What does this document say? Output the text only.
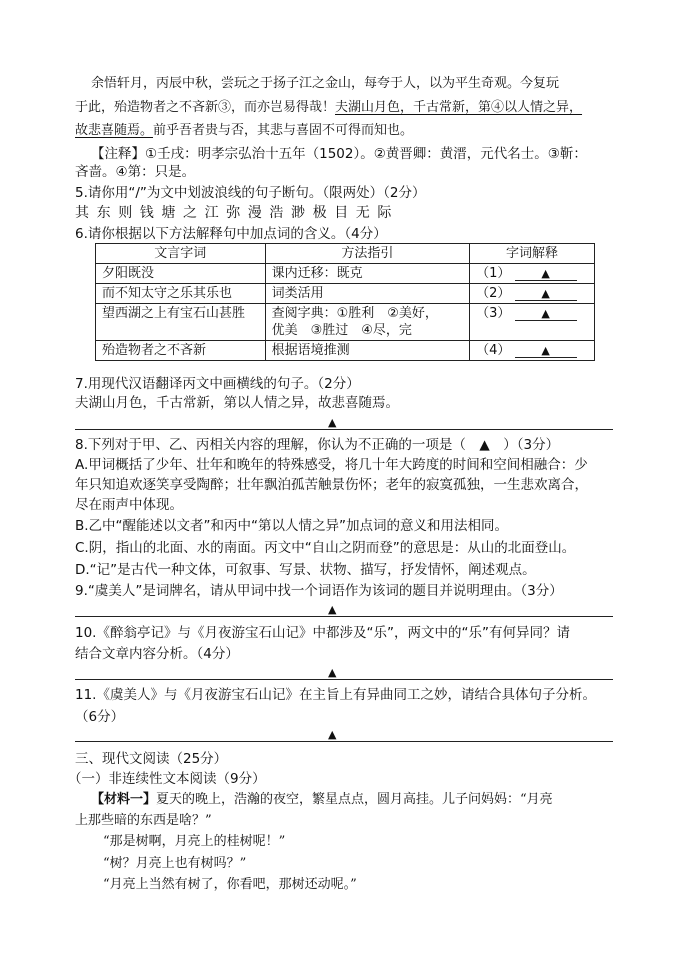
余悟轩月，丙辰中秋，尝玩之于扬子江之金山，每夸于人，以为平生奇观。今复玩
于此，殆造物者之不吝新③，而亦岂易得哉！夫湖山月色，千古常新，第④以人情之异，
故悲喜随焉。前乎吾者贵与否，其悲与喜固不可得而知也。
【注释】①壬戌：明孝宗弘治十五年（1502）。②黄晋卿：黄溍，元代名士。③靳：
吝啬。④第：只是。
5.请你用“/”为文中划波浪线的句子断句。（限两处）（2分）
其东则钱塘之江弥漫浩渺极目无际
6.请你根据以下方法解释句中加点词的含义。（4分）
文言字词	方法指引	字词解释
夕阳既没	课内迁移：既克	（1） ▲
而不知太守之乐其乐也	词类活用	（2） ▲
望西湖之上有宝石山甚胜	查阅字典：①胜利　②美好，
优美　③胜过　④尽，完	（3） ▲
殆造物者之不吝新	根据语境推测	（4） ▲
7.用现代汉语翻译丙文中画横线的句子。（2分）
夫湖山月色，千古常新，第以人情之异，故悲喜随焉。
▲
8.下列对于甲、乙、丙相关内容的理解，你认为不正确的一项是（　▲　）（3分）
A.甲词概括了少年、壮年和晚年的特殊感受，将几十年大跨度的时间和空间相融合：少
年只知追欢逐笑享受陶醉；壮年飘泊孤苦触景伤怀；老年的寂寞孤独，一生悲欢离合，
尽在雨声中体现。
B.乙中“醒能述以文者”和丙中“第以人情之异”加点词的意义和用法相同。
C.阴，指山的北面、水的南面。丙文中“自山之阴而登”的意思是：从山的北面登山。
D.“记”是古代一种文体，可叙事、写景、状物、描写，抒发情怀，阐述观点。
9.“虞美人”是词牌名，请从甲词中找一个词语作为该词的题目并说明理由。（3分）
▲
10.《醉翁亭记》与《月夜游宝石山记》中都涉及“乐”，两文中的“乐”有何异同？请
结合文章内容分析。（4分）
▲
11.《虞美人》与《月夜游宝石山记》在主旨上有异曲同工之妙，请结合具体句子分析。
（6分）
▲
三、现代文阅读（25分）
（一）非连续性文本阅读（9分）
【材料一】夏天的晚上，浩瀚的夜空，繁星点点，圆月高挂。儿子问妈妈：“月亮
上那些暗的东西是啥？”
“那是树啊，月亮上的桂树呢！”
“树？月亮上也有树吗？”
“月亮上当然有树了，你看吧，那树还动呢。”
